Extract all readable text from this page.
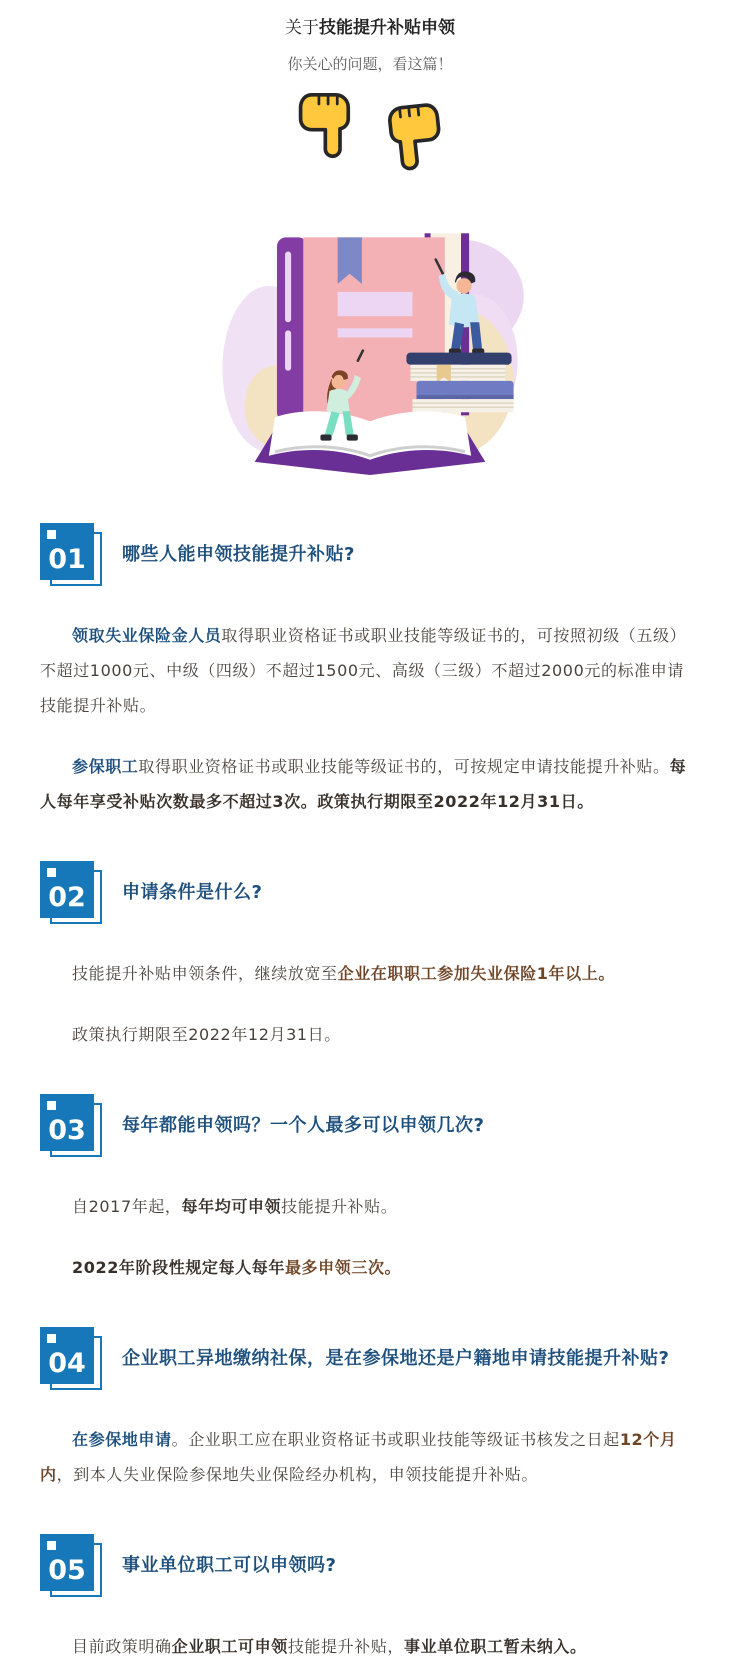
关于技能提升补贴申领
你关心的问题，看这篇！
01	哪些人能申领技能提升补贴?

领取失业保险金人员取得职业资格证书或职业技能等级证书的，可按照初级（五级）不超过1000元、中级（四级）不超过1500元、高级（三级）不超过2000元的标准申请技能提升补贴。

参保职工取得职业资格证书或职业技能等级证书的，可按规定申请技能提升补贴。每人每年享受补贴次数最多不超过3次。政策执行期限至2022年12月31日。

02	申请条件是什么?

技能提升补贴申领条件，继续放宽至企业在职职工参加失业保险1年以上。

政策执行期限至2022年12月31日。

03	每年都能申领吗？一个人最多可以申领几次?

自2017年起，每年均可申领技能提升补贴。

2022年阶段性规定每人每年最多申领三次。

04	企业职工异地缴纳社保，是在参保地还是户籍地申请技能提升补贴?

在参保地申请。企业职工应在职业资格证书或职业技能等级证书核发之日起12个月内，到本人失业保险参保地失业保险经办机构，申领技能提升补贴。

05	事业单位职工可以申领吗?

目前政策明确企业职工可申领技能提升补贴，事业单位职工暂未纳入。
